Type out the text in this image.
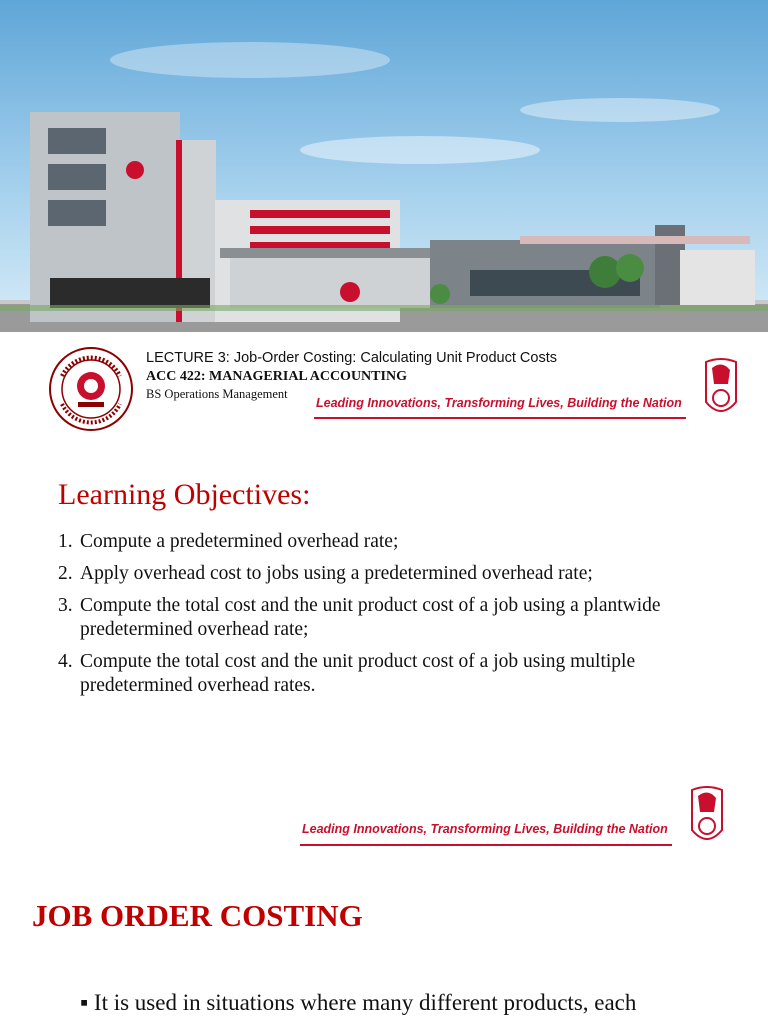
LECTURE 3: Job-Order Costing: Calculating Unit Product Costs
ACC 422: MANAGERIAL ACCOUNTING
BS Operations Management
Leading Innovations, Transforming Lives, Building the Nation
Learning Objectives:
1. Compute a predetermined overhead rate;
2. Apply overhead cost to jobs using a predetermined overhead rate;
3. Compute the total cost and the unit product cost of a job using a plantwide predetermined overhead rate;
4. Compute the total cost and the unit product cost of a job using multiple predetermined overhead rates.
Leading Innovations, Transforming Lives, Building the Nation
JOB ORDER COSTING
▪ It is used in situations where many different products, each
